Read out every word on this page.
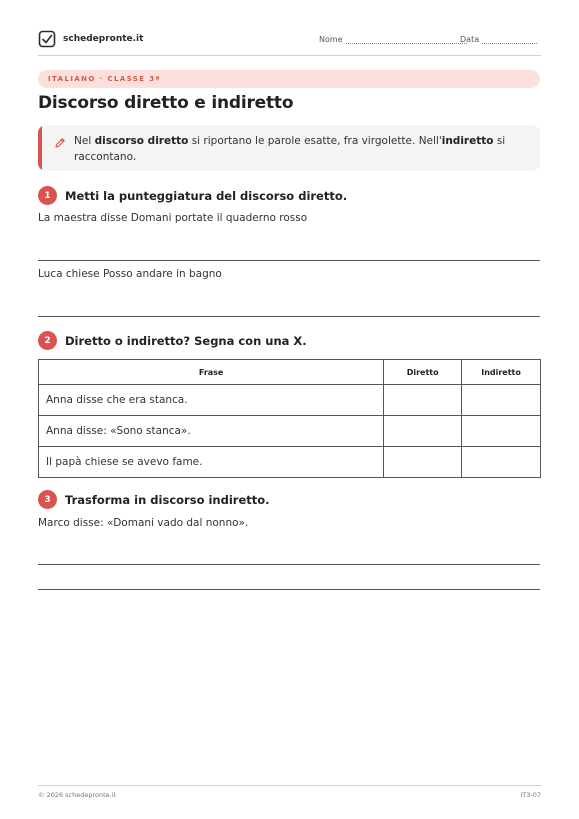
schedepronte.it	Nome	Data
ITALIANO · CLASSE 3ª
Discorso diretto e indiretto
Nel discorso diretto si riportano le parole esatte, fra virgolette. Nell'indiretto si raccontano.
1	Metti la punteggiatura del discorso diretto.
La maestra disse Domani portate il quaderno rosso
Luca chiese Posso andare in bagno
2	Diretto o indiretto? Segna con una X.
Frase	Diretto	Indiretto
Anna disse che era stanca.		
Anna disse: «Sono stanca».		
Il papà chiese se avevo fame.		
3	Trasforma in discorso indiretto.
Marco disse: «Domani vado dal nonno».
© 2026 schedepronte.it	IT3-07
